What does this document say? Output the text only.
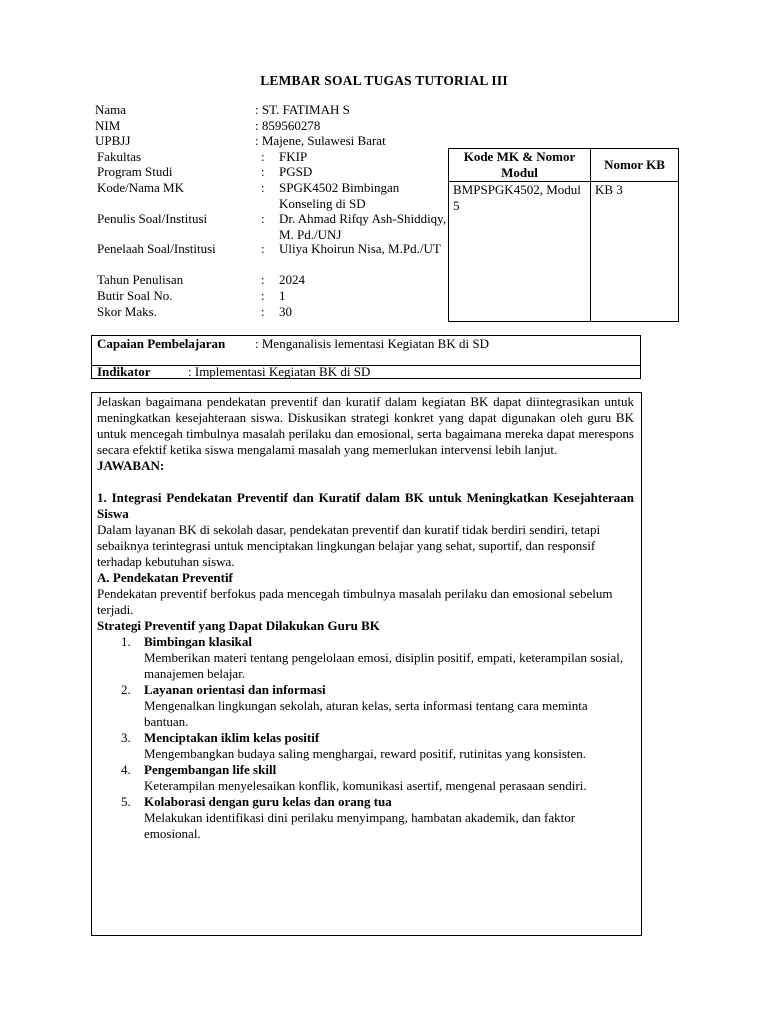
LEMBAR SOAL TUGAS TUTORIAL III
Nama	: ST. FATIMAH S
NIM	: 859560278
UPBJJ	: Majene, Sulawesi Barat
Fakultas	: FKIP
Program Studi	: PGSD
Kode/Nama MK	: SPGK4502 Bimbingan Konseling di SD
Penulis Soal/Institusi	: Dr. Ahmad Rifqy Ash-Shiddiqy, M. Pd./UNJ
Penelaah Soal/Institusi	: Uliya Khoirun Nisa, M.Pd./UT
Tahun Penulisan	: 2024
Butir Soal No.	: 1
Skor Maks.	: 30
Kode MK & Nomor Modul	Nomor KB
BMPSPGK4502, Modul 5	KB 3
Capaian Pembelajaran : Menganalisis lementasi Kegiatan BK di SD
Indikator	: Implementasi Kegiatan BK di SD

Jelaskan bagaimana pendekatan preventif dan kuratif dalam kegiatan BK dapat diintegrasikan untuk meningkatkan kesejahteraan siswa. Diskusikan strategi konkret yang dapat digunakan oleh guru BK untuk mencegah timbulnya masalah perilaku dan emosional, serta bagaimana mereka dapat merespons secara efektif ketika siswa mengalami masalah yang memerlukan intervensi lebih lanjut.

JAWABAN:

1. Integrasi Pendekatan Preventif dan Kuratif dalam BK untuk Meningkatkan Kesejahteraan Siswa

Dalam layanan BK di sekolah dasar, pendekatan preventif dan kuratif tidak berdiri sendiri, tetapi sebaiknya terintegrasi untuk menciptakan lingkungan belajar yang sehat, suportif, dan responsif terhadap kebutuhan siswa.

A. Pendekatan Preventif

Pendekatan preventif berfokus pada mencegah timbulnya masalah perilaku dan emosional sebelum terjadi.

Strategi Preventif yang Dapat Dilakukan Guru BK

1. Bimbingan klasikal
Memberikan materi tentang pengelolaan emosi, disiplin positif, empati, keterampilan sosial, manajemen belajar.
2. Layanan orientasi dan informasi
Mengenalkan lingkungan sekolah, aturan kelas, serta informasi tentang cara meminta bantuan.
3. Menciptakan iklim kelas positif
Mengembangkan budaya saling menghargai, reward positif, rutinitas yang konsisten.
4. Pengembangan life skill
Keterampilan menyelesaikan konflik, komunikasi asertif, mengenal perasaan sendiri.
5. Kolaborasi dengan guru kelas dan orang tua
Melakukan identifikasi dini perilaku menyimpang, hambatan akademik, dan faktor emosional.
